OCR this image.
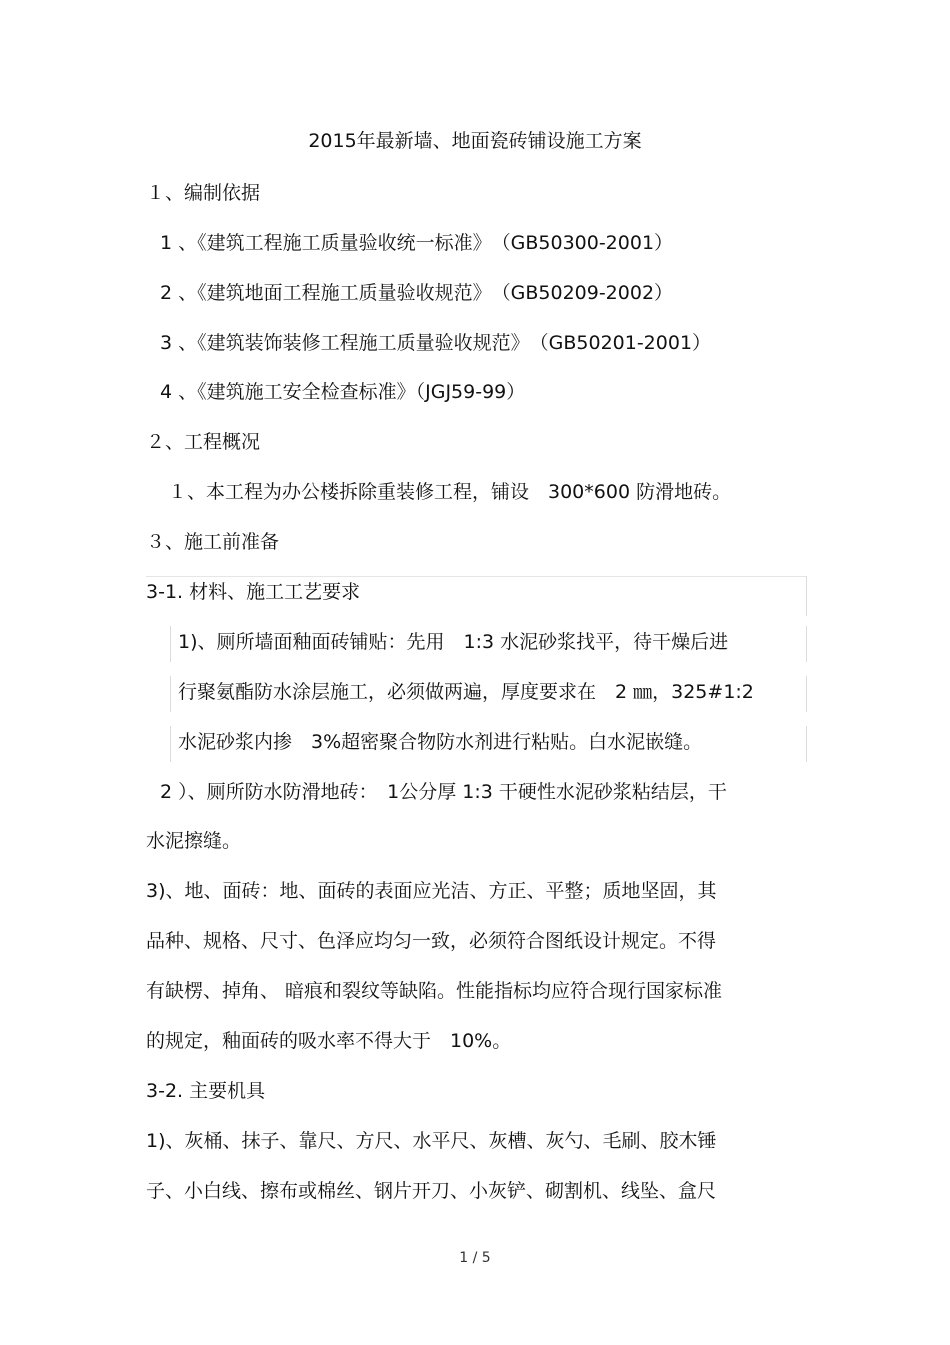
2015年最新墙、地面瓷砖铺设施工方案
１、编制依据
1 、《建筑工程施工质量验收统一标准》　（GB50300-2001）
2 、《建筑地面工程施工质量验收规范》　（GB50209-2002）
3 、《建筑装饰装修工程施工质量验收规范》　（GB50201-2001）
4 、《建筑施工安全检查标准》（JGJ59-99）
２、工程概况
１、本工程为办公楼拆除重装修工程，铺设　300*600 防滑地砖。
３、施工前准备
3-1. 材料、施工工艺要求
1)、厕所墙面釉面砖铺贴：先用　1:3 水泥砂浆找平，待干燥后进
行聚氨酯防水涂层施工，必须做两遍，厚度要求在　2 ㎜，325#1:2
水泥砂浆内掺　3%超密聚合物防水剂进行粘贴。白水泥嵌缝。
2 ）、厕所防水防滑地砖：　1公分厚 1:3 干硬性水泥砂浆粘结层，干
水泥擦缝。
3)、地、面砖：地、面砖的表面应光洁、方正、平整；质地坚固，其
品种、规格、尺寸、色泽应均匀一致，必须符合图纸设计规定。不得
有缺楞、掉角、 暗痕和裂纹等缺陷。性能指标均应符合现行国家标准
的规定，釉面砖的吸水率不得大于　10%。
3-2. 主要机具
1)、灰桶、抹子、靠尺、方尺、水平尺、灰槽、灰勺、毛刷、胶木锤
子、小白线、擦布或棉丝、钢片开刀、小灰铲、砌割机、线坠、盒尺
1 / 5
